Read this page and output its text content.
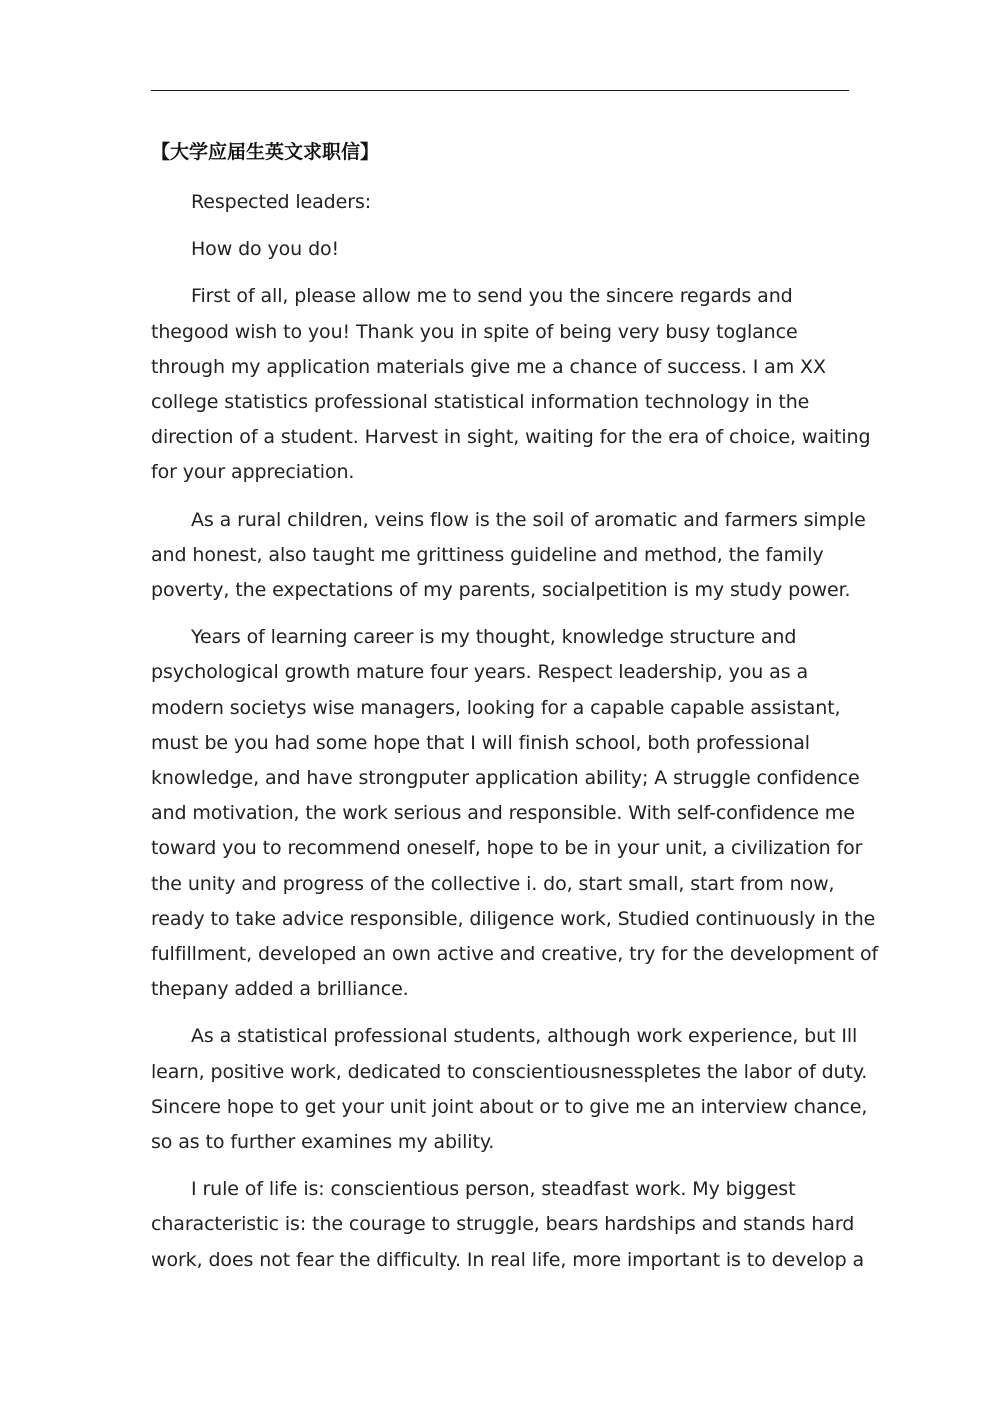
【大学应届生英文求职信】
Respected leaders:
How do you do!
First of all, please allow me to send you the sincere regards and
thegood wish to you! Thank you in spite of being very busy toglance
through my application materials give me a chance of success. I am XX
college statistics professional statistical information technology in the
direction of a student. Harvest in sight, waiting for the era of choice, waiting
for your appreciation.
As a rural children, veins flow is the soil of aromatic and farmers simple
and honest, also taught me grittiness guideline and method, the family
poverty, the expectations of my parents, socialpetition is my study power.
Years of learning career is my thought, knowledge structure and
psychological growth mature four years. Respect leadership, you as a
modern societys wise managers, looking for a capable capable assistant,
must be you had some hope that I will finish school, both professional
knowledge, and have strongputer application ability; A struggle confidence
and motivation, the work serious and responsible. With self-confidence me
toward you to recommend oneself, hope to be in your unit, a civilization for
the unity and progress of the collective i. do, start small, start from now,
ready to take advice responsible, diligence work, Studied continuously in the
fulfillment, developed an own active and creative, try for the development of
thepany added a brilliance.
As a statistical professional students, although work experience, but Ill
learn, positive work, dedicated to conscientiousnesspletes the labor of duty.
Sincere hope to get your unit joint about or to give me an interview chance,
so as to further examines my ability.
I rule of life is: conscientious person, steadfast work. My biggest
characteristic is: the courage to struggle, bears hardships and stands hard
work, does not fear the difficulty. In real life, more important is to develop a
